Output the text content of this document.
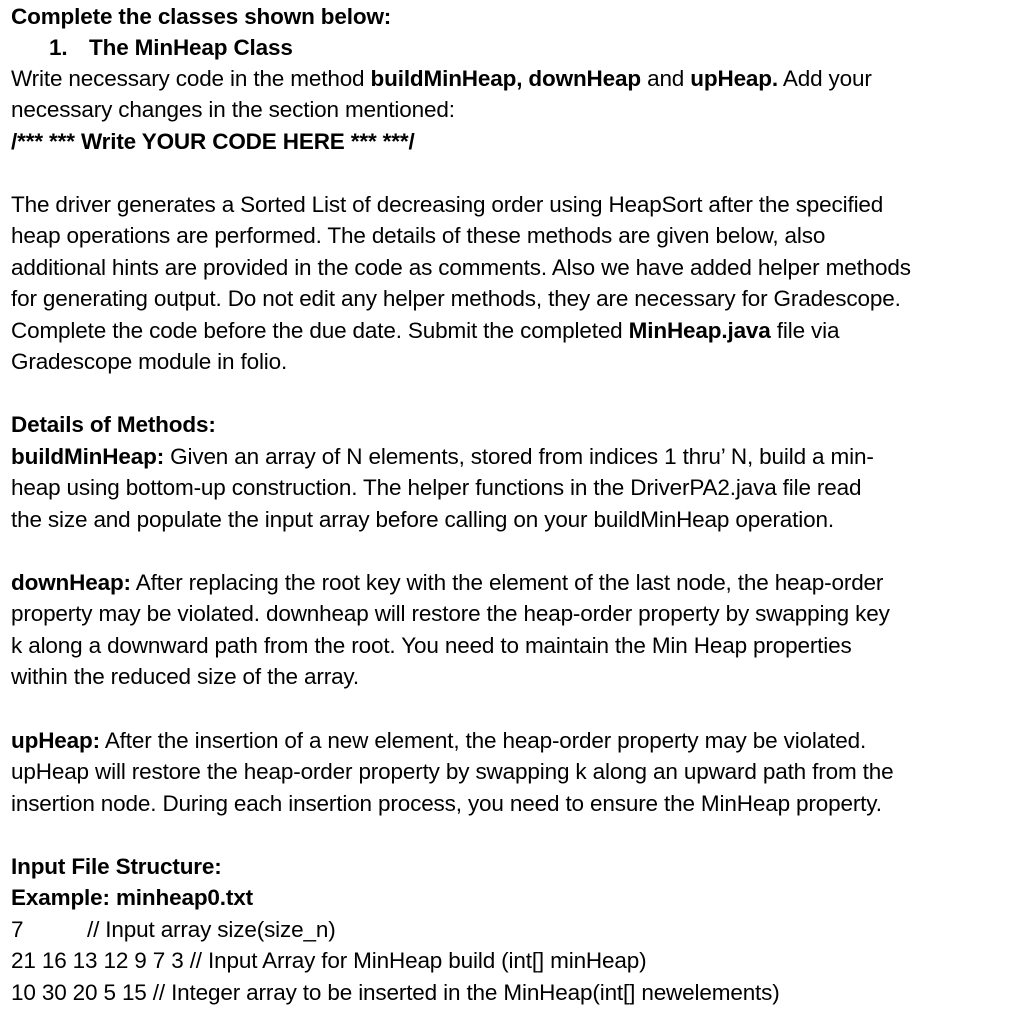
Complete the classes shown below:
1. The MinHeap Class
Write necessary code in the method buildMinHeap, downHeap and upHeap. Add your
necessary changes in the section mentioned:
/*** *** Write YOUR CODE HERE *** ***/
The driver generates a Sorted List of decreasing order using HeapSort after the specified
heap operations are performed. The details of these methods are given below, also
additional hints are provided in the code as comments. Also we have added helper methods
for generating output. Do not edit any helper methods, they are necessary for Gradescope.
Complete the code before the due date. Submit the completed MinHeap.java file via
Gradescope module in folio.
Details of Methods:
buildMinHeap: Given an array of N elements, stored from indices 1 thru’ N, build a min-
heap using bottom-up construction. The helper functions in the DriverPA2.java file read
the size and populate the input array before calling on your buildMinHeap operation.
downHeap: After replacing the root key with the element of the last node, the heap-order
property may be violated. downheap will restore the heap-order property by swapping key
k along a downward path from the root. You need to maintain the Min Heap properties
within the reduced size of the array.
upHeap: After the insertion of a new element, the heap-order property may be violated.
upHeap will restore the heap-order property by swapping k along an upward path from the
insertion node. During each insertion process, you need to ensure the MinHeap property.
Input File Structure:
Example: minheap0.txt
7	// Input array size(size_n)
21 16 13 12 9 7 3 // Input Array for MinHeap build (int[] minHeap)
10 30 20 5 15 // Integer array to be inserted in the MinHeap(int[] newelements)
